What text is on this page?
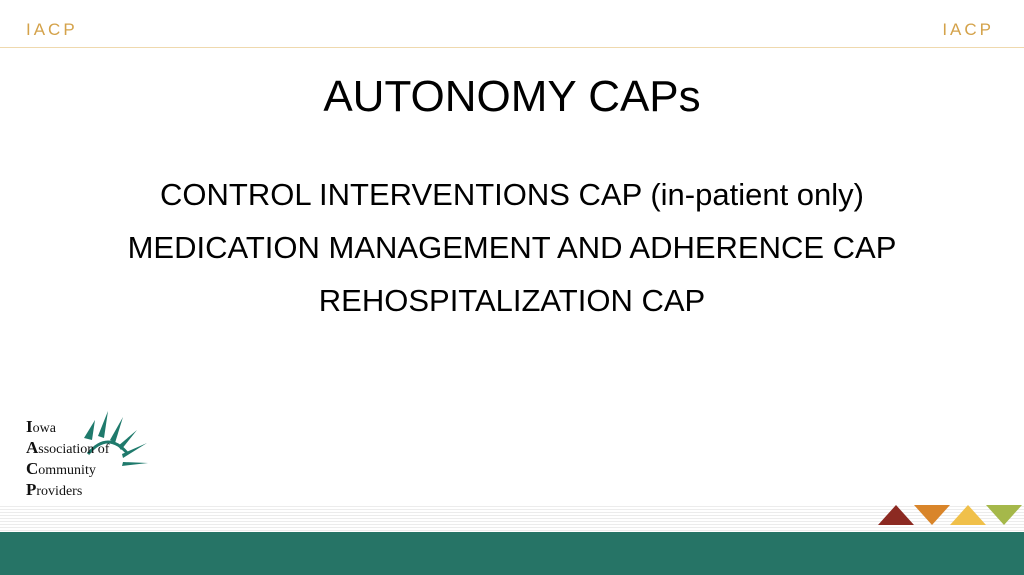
IACP	IACP
AUTONOMY CAPs
CONTROL INTERVENTIONS CAP (in-patient only)
MEDICATION MANAGEMENT AND ADHERENCE CAP
REHOSPITALIZATION CAP
Iowa
Association of
Community
Providers
